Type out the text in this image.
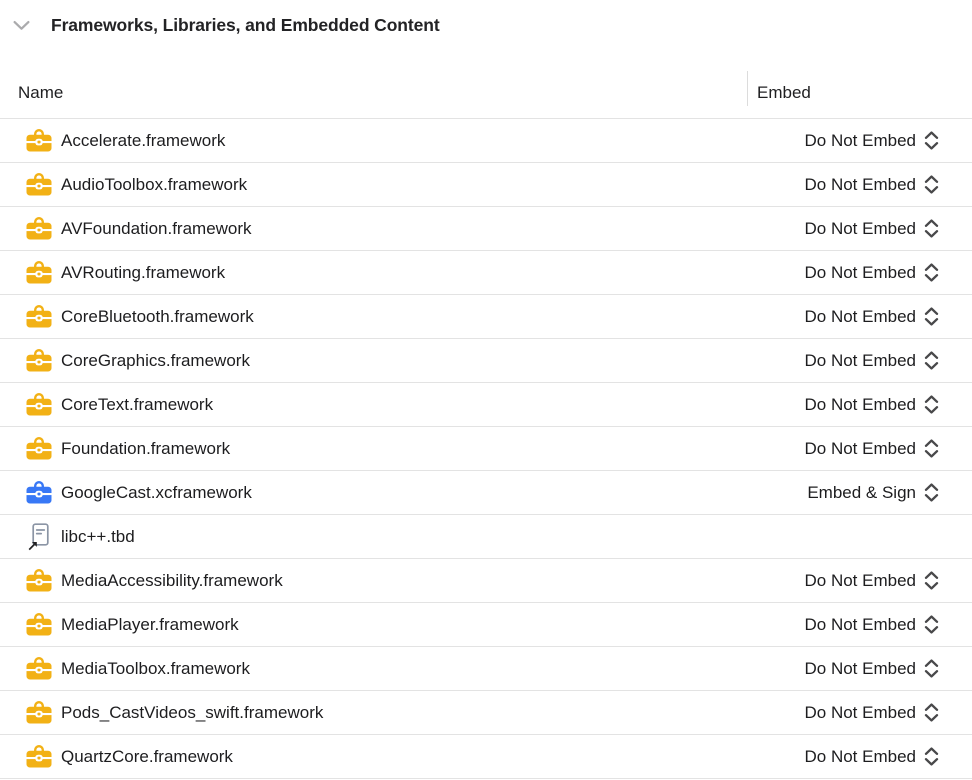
Frameworks, Libraries, and Embedded Content
Name	Embed
Accelerate.framework	Do Not Embed
AudioToolbox.framework	Do Not Embed
AVFoundation.framework	Do Not Embed
AVRouting.framework	Do Not Embed
CoreBluetooth.framework	Do Not Embed
CoreGraphics.framework	Do Not Embed
CoreText.framework	Do Not Embed
Foundation.framework	Do Not Embed
GoogleCast.xcframework	Embed & Sign
libc++.tbd
MediaAccessibility.framework	Do Not Embed
MediaPlayer.framework	Do Not Embed
MediaToolbox.framework	Do Not Embed
Pods_CastVideos_swift.framework	Do Not Embed
QuartzCore.framework	Do Not Embed
